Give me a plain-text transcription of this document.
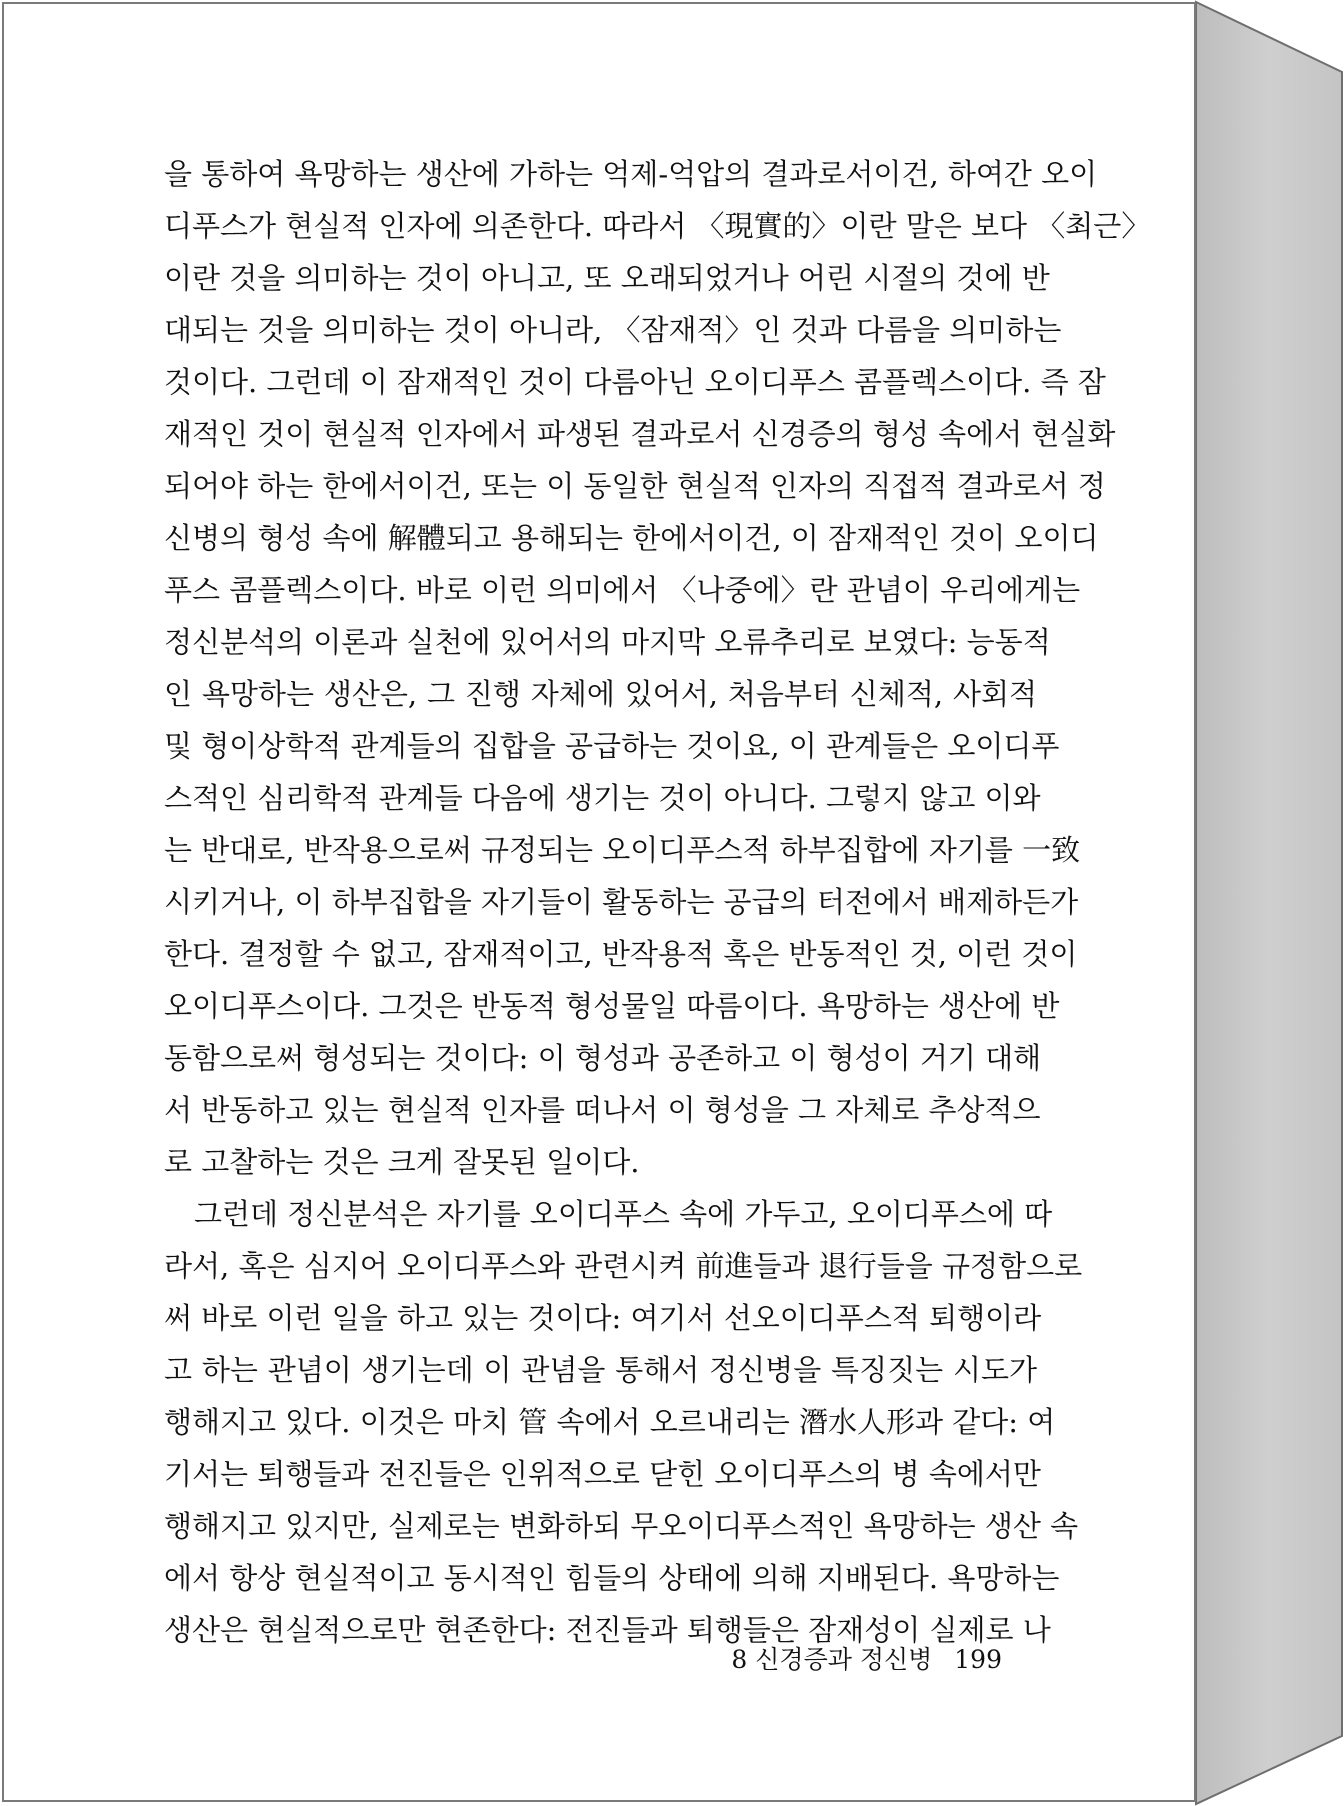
을 통하여 욕망하는 생산에 가하는 억제-억압의 결과로서이건, 하여간 오이
디푸스가 현실적 인자에 의존한다. 따라서 〈現實的〉이란 말은 보다 〈최근〉
이란 것을 의미하는 것이 아니고, 또 오래되었거나 어린 시절의 것에 반
대되는 것을 의미하는 것이 아니라, 〈잠재적〉인 것과 다름을 의미하는
것이다. 그런데 이 잠재적인 것이 다름아닌 오이디푸스 콤플렉스이다. 즉 잠
재적인 것이 현실적 인자에서 파생된 결과로서 신경증의 형성 속에서 현실화
되어야 하는 한에서이건, 또는 이 동일한 현실적 인자의 직접적 결과로서 정
신병의 형성 속에 解體되고 용해되는 한에서이건, 이 잠재적인 것이 오이디
푸스 콤플렉스이다. 바로 이런 의미에서 〈나중에〉란 관념이 우리에게는
정신분석의 이론과 실천에 있어서의 마지막 오류추리로 보였다: 능동적
인 욕망하는 생산은, 그 진행 자체에 있어서, 처음부터 신체적, 사회적
및 형이상학적 관계들의 집합을 공급하는 것이요, 이 관계들은 오이디푸
스적인 심리학적 관계들 다음에 생기는 것이 아니다. 그렇지 않고 이와
는 반대로, 반작용으로써 규정되는 오이디푸스적 하부집합에 자기를 一致
시키거나, 이 하부집합을 자기들이 활동하는 공급의 터전에서 배제하든가
한다. 결정할 수 없고, 잠재적이고, 반작용적 혹은 반동적인 것, 이런 것이
오이디푸스이다. 그것은 반동적 형성물일 따름이다. 욕망하는 생산에 반
동함으로써 형성되는 것이다: 이 형성과 공존하고 이 형성이 거기 대해
서 반동하고 있는 현실적 인자를 떠나서 이 형성을 그 자체로 추상적으
로 고찰하는 것은 크게 잘못된 일이다.
그런데 정신분석은 자기를 오이디푸스 속에 가두고, 오이디푸스에 따
라서, 혹은 심지어 오이디푸스와 관련시켜 前進들과 退行들을 규정함으로
써 바로 이런 일을 하고 있는 것이다: 여기서 선오이디푸스적 퇴행이라
고 하는 관념이 생기는데 이 관념을 통해서 정신병을 특징짓는 시도가
행해지고 있다. 이것은 마치 管 속에서 오르내리는 潛水人形과 같다: 여
기서는 퇴행들과 전진들은 인위적으로 닫힌 오이디푸스의 병 속에서만
행해지고 있지만, 실제로는 변화하되 무오이디푸스적인 욕망하는 생산 속
에서 항상 현실적이고 동시적인 힘들의 상태에 의해 지배된다. 욕망하는
생산은 현실적으로만 현존한다: 전진들과 퇴행들은 잠재성이 실제로 나
8 신경증과 정신병 199
